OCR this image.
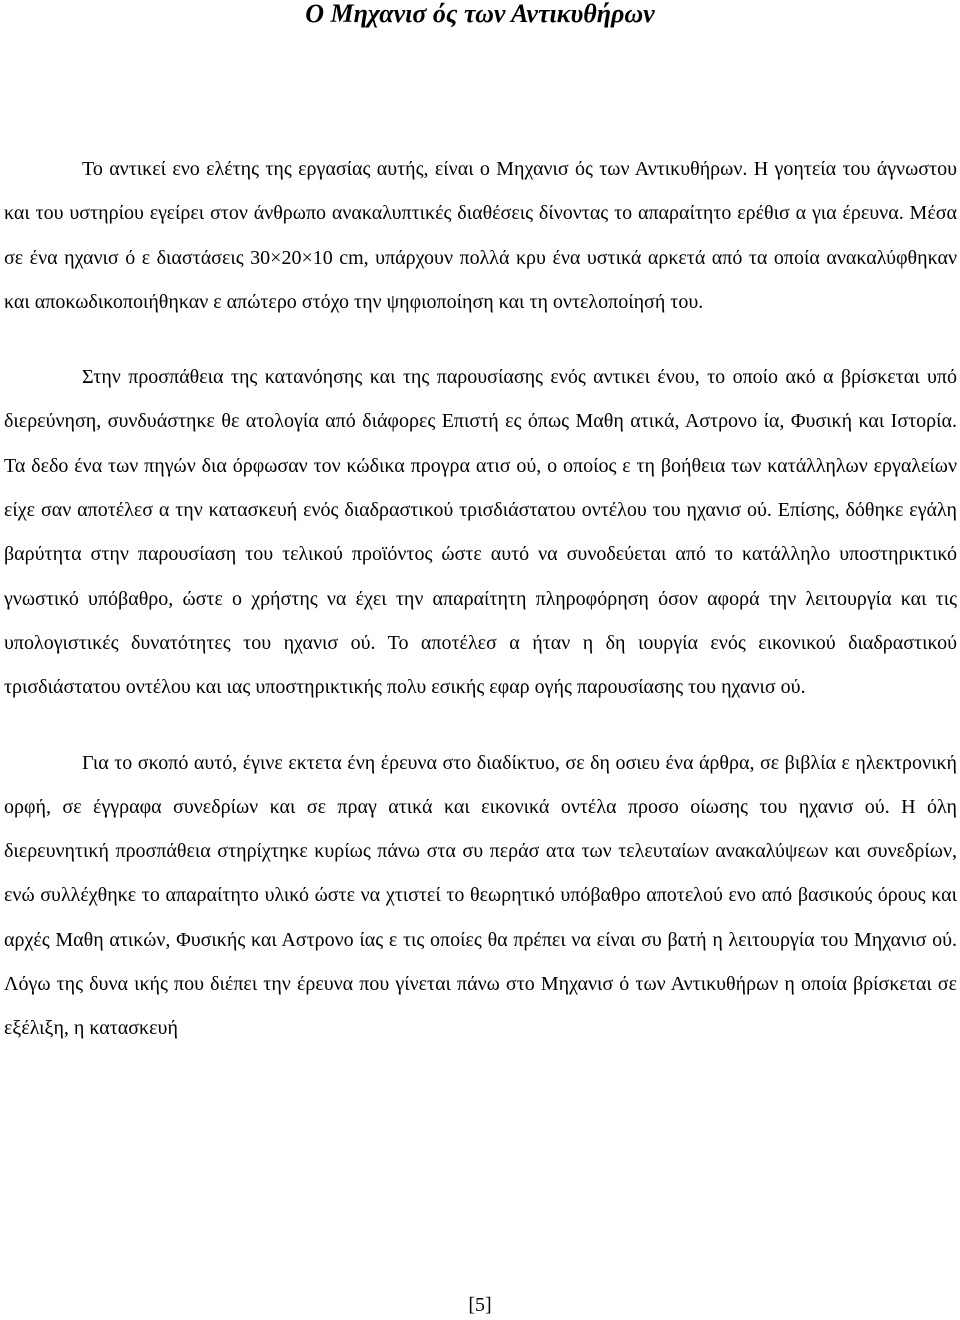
Ο Μηχανισ ός των Αντικυθήρων

Το αντικεί ενο ελέτης της εργασίας αυτής, είναι ο Μηχανισ ός των Αντικυθήρων. Η γοητεία του άγνωστου και του υστηρίου εγείρει στον άνθρωπο ανακαλυπτικές διαθέσεις δίνοντας το απαραίτητο ερέθισ α για έρευνα. Μέσα σε ένα ηχανισ ό ε διαστάσεις 30×20×10 cm, υπάρχουν πολλά κρυ ένα υστικά αρκετά από τα οποία ανακαλύφθηκαν και αποκωδικοποιήθηκαν ε απώτερο στόχο την ψηφιοποίηση και τη οντελοποίησή του.

Στην προσπάθεια της κατανόησης και της παρουσίασης ενός αντικει ένου, το οποίο ακό α βρίσκεται υπό διερεύνηση, συνδυάστηκε θε ατολογία από διάφορες Επιστή ες όπως Μαθη ατικά, Αστρονο ία, Φυσική και Ιστορία. Τα δεδο ένα των πηγών δια όρφωσαν τον κώδικα προγρα ατισ ού, ο οποίος ε τη βοήθεια των κατάλληλων εργαλείων είχε σαν αποτέλεσ α την κατασκευή ενός διαδραστικού τρισδιάστατου οντέλου του ηχανισ ού. Επίσης, δόθηκε εγάλη βαρύτητα στην παρουσίαση του τελικού προϊόντος ώστε αυτό να συνοδεύεται από το κατάλληλο υποστηρικτικό γνωστικό υπόβαθρο, ώστε ο χρήστης να έχει την απαραίτητη πληροφόρηση όσον αφορά την λειτουργία και τις υπολογιστικές δυνατότητες του ηχανισ ού. Το αποτέλεσ α ήταν η δη ιουργία ενός εικονικού διαδραστικού τρισδιάστατου οντέλου και ιας υποστηρικτικής πολυ εσικής εφαρ ογής παρουσίασης του ηχανισ ού.

Για το σκοπό αυτό, έγινε εκτετα ένη έρευνα στο διαδίκτυο, σε δη οσιευ ένα άρθρα, σε βιβλία ε ηλεκτρονική ορφή, σε έγγραφα συνεδρίων και σε πραγ ατικά και εικονικά οντέλα προσο οίωσης του ηχανισ ού. Η όλη διερευνητική προσπάθεια στηρίχτηκε κυρίως πάνω στα συ περάσ ατα των τελευταίων ανακαλύψεων και συνεδρίων, ενώ συλλέχθηκε το απαραίτητο υλικό ώστε να χτιστεί το θεωρητικό υπόβαθρο αποτελού ενο από βασικούς όρους και αρχές Μαθη ατικών, Φυσικής και Αστρονο ίας ε τις οποίες θα πρέπει να είναι συ βατή η λειτουργία του Μηχανισ ού. Λόγω της δυνα ικής που διέπει την έρευνα που γίνεται πάνω στο Μηχανισ ό των Αντικυθήρων η οποία βρίσκεται σε εξέλιξη, η κατασκευή

[5]
